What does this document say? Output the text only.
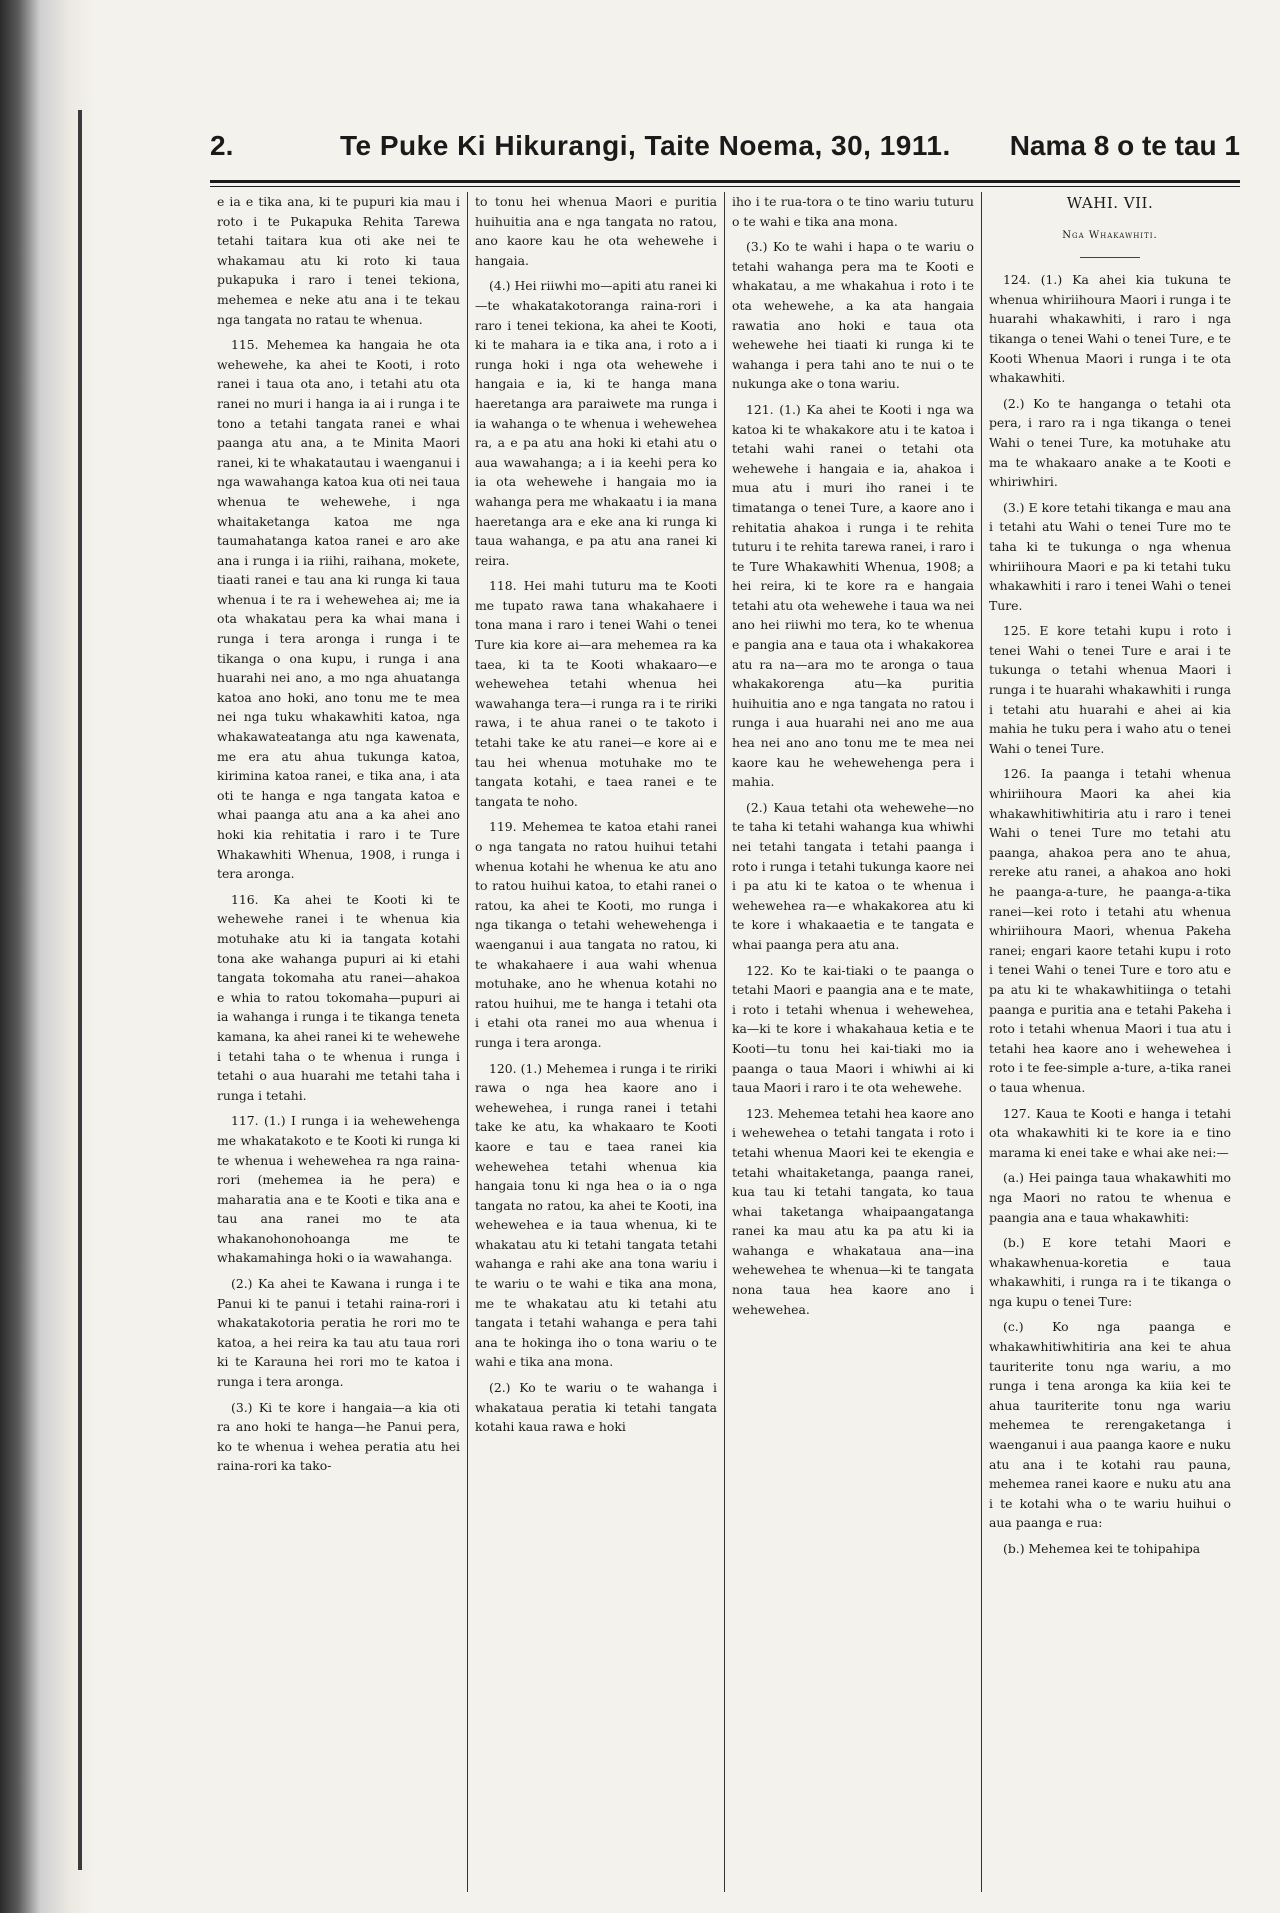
2.	Te Puke Ki Hikurangi, Taite Noema, 30, 1911. Nama 8 o te tau 1

e ia e tika ana, ki te pupuri kia mau i roto i te Pukapuka Rehita Tarewa tetahi taitara kua oti ake nei te whakamau atu ki roto ki taua pukapuka i raro i tenei tekiona, mehemea e neke atu ana i te tekau nga tangata no ratau te whenua.

115. Mehemea ka hangaia he ota wehewehe, ka ahei te Kooti, i roto ranei i taua ota ano, i tetahi atu ota ranei no muri i hanga ia ai i runga i te tono a tetahi tangata ranei e whai paanga atu ana, a te Minita Maori ranei, ki te whakatautau i waenganui i nga wawahanga katoa kua oti nei taua whenua te wehewehe, i nga whaitaketanga katoa me nga taumahatanga katoa ranei e aro ake ana i runga i ia riihi, raihana, mokete, tiaati ranei e tau ana ki runga ki taua whenua i te ra i wehewehea ai; me ia ota whakatau pera ka whai mana i runga i tera aronga i runga i te tikanga o ona kupu, i runga i ana huarahi nei ano, a mo nga ahuatanga katoa ano hoki, ano tonu me te mea nei nga tuku whakawhiti katoa, nga whakawateatanga atu nga kawenata, me era atu ahua tukunga katoa, kirimina katoa ranei, e tika ana, i ata oti te hanga e nga tangata katoa e whai paanga atu ana a ka ahei ano hoki kia rehitatia i raro i te Ture Whakawhiti Whenua, 1908, i runga i tera aronga.

116. Ka ahei te Kooti ki te wehewehe ranei i te whenua kia motuhake atu ki ia tangata kotahi tona ake wahanga pupuri ai ki etahi tangata tokomaha atu ranei—ahakoa e whia to ratou tokomaha—pupuri ai ia wahanga i runga i te tikanga teneta kamana, ka ahei ranei ki te wehewehe i tetahi taha o te whenua i runga i tetahi o aua huarahi me tetahi taha i runga i tetahi.

117. (1.) I runga i ia wehewehenga me whakatakoto e te Kooti ki runga ki te whenua i wehewehea ra nga raina-rori (mehemea ia he pera) e maharatia ana e te Kooti e tika ana e tau ana ranei mo te ata whakanohonohoanga me te whakamahinga hoki o ia wawahanga.

(2.) Ka ahei te Kawana i runga i te Panui ki te panui i tetahi raina-rori i whakatakotoria peratia he rori mo te katoa, a hei reira ka tau atu taua rori ki te Karauna hei rori mo te katoa i runga i tera aronga.

(3.) Ki te kore i hangaia—a kia oti ra ano hoki te hanga—he Panui pera, ko te whenua i wehea peratia atu hei raina-rori ka tako-

to tonu hei whenua Maori e puritia huihuitia ana e nga tangata no ratou, ano kaore kau he ota wehewehe i hangaia.

(4.) Hei riiwhi mo—apiti atu ranei ki—te whakatakotoranga raina-rori i raro i tenei tekiona, ka ahei te Kooti, ki te mahara ia e tika ana, i roto a i runga hoki i nga ota wehewehe i hangaia e ia, ki te hanga mana haeretanga ara paraiwete ma runga i ia wahanga o te whenua i wehewehea ra, a e pa atu ana hoki ki etahi atu o aua wawahanga; a i ia keehi pera ko ia ota wehewehe i hangaia mo ia wahanga pera me whakaatu i ia mana haeretanga ara e eke ana ki runga ki taua wahanga, e pa atu ana ranei ki reira.

118. Hei mahi tuturu ma te Kooti me tupato rawa tana whakahaere i tona mana i raro i tenei Wahi o tenei Ture kia kore ai—ara mehemea ra ka taea, ki ta te Kooti whakaaro—e wehewehea tetahi whenua hei wawahanga tera—i runga ra i te ririki rawa, i te ahua ranei o te takoto i tetahi take ke atu ranei—e kore ai e tau hei whenua motuhake mo te tangata kotahi, e taea ranei e te tangata te noho.

119. Mehemea te katoa etahi ranei o nga tangata no ratou huihui tetahi whenua kotahi he whenua ke atu ano to ratou huihui katoa, to etahi ranei o ratou, ka ahei te Kooti, mo runga i nga tikanga o tetahi wehewehenga i waenganui i aua tangata no ratou, ki te whakahaere i aua wahi whenua motuhake, ano he whenua kotahi no ratou huihui, me te hanga i tetahi ota i etahi ota ranei mo aua whenua i runga i tera aronga.

120. (1.) Mehemea i runga i te ririki rawa o nga hea kaore ano i wehewehea, i runga ranei i tetahi take ke atu, ka whakaaro te Kooti kaore e tau e taea ranei kia wehewehea tetahi whenua kia hangaia tonu ki nga hea o ia o nga tangata no ratou, ka ahei te Kooti, ina wehewehea e ia taua whenua, ki te whakatau atu ki tetahi tangata tetahi wahanga e rahi ake ana tona wariu i te wariu o te wahi e tika ana mona, me te whakatau atu ki tetahi atu tangata i tetahi wahanga e pera tahi ana te hokinga iho o tona wariu o te wahi e tika ana mona.

(2.) Ko te wariu o te wahanga i whakataua peratia ki tetahi tangata kotahi kaua rawa e hoki

iho i te rua-tora o te tino wariu tuturu o te wahi e tika ana mona.

(3.) Ko te wahi i hapa o te wariu o tetahi wahanga pera ma te Kooti e whakatau, a me whakahua i roto i te ota wehewehe, a ka ata hangaia rawatia ano hoki e taua ota wehewehe hei tiaati ki runga ki te wahanga i pera tahi ano te nui o te nukunga ake o tona wariu.

121. (1.) Ka ahei te Kooti i nga wa katoa ki te whakakore atu i te katoa i tetahi wahi ranei o tetahi ota wehewehe i hangaia e ia, ahakoa i mua atu i muri iho ranei i te timatanga o tenei Ture, a kaore ano i rehitatia ahakoa i runga i te rehita tuturu i te rehita tarewa ranei, i raro i te Ture Whakawhiti Whenua, 1908; a hei reira, ki te kore ra e hangaia tetahi atu ota wehewehe i taua wa nei ano hei riiwhi mo tera, ko te whenua e pangia ana e taua ota i whakakorea atu ra na—ara mo te aronga o taua whakakorenga atu—ka puritia huihuitia ano e nga tangata no ratou i runga i aua huarahi nei ano me aua hea nei ano ano tonu me te mea nei kaore kau he wehewehenga pera i mahia.

(2.) Kaua tetahi ota wehewehe—no te taha ki tetahi wahanga kua whiwhi nei tetahi tangata i tetahi paanga i roto i runga i tetahi tukunga kaore nei i pa atu ki te katoa o te whenua i wehewehea ra—e whakakorea atu ki te kore i whakaaetia e te tangata e whai paanga pera atu ana.

122. Ko te kai-tiaki o te paanga o tetahi Maori e paangia ana e te mate, i roto i tetahi whenua i wehewehea, ka—ki te kore i whakahaua ketia e te Kooti—tu tonu hei kai-tiaki mo ia paanga o taua Maori i whiwhi ai ki taua Maori i raro i te ota wehewehe.

123. Mehemea tetahi hea kaore ano i wehewehea o tetahi tangata i roto i tetahi whenua Maori kei te ekengia e tetahi whaitaketanga, paanga ranei, kua tau ki tetahi tangata, ko taua whai taketanga whaipaangatanga ranei ka mau atu ka pa atu ki ia wahanga e whakataua ana—ina wehewehea te whenua—ki te tangata nona taua hea kaore ano i wehewehea.

WAHI. VII.
Nga Whakawhiti.

124. (1.) Ka ahei kia tukuna te whenua whiriihoura Maori i runga i te huarahi whakawhiti, i raro i nga tikanga o tenei Wahi o tenei Ture, e te Kooti Whenua Maori i runga i te ota whakawhiti.

(2.) Ko te hanganga o tetahi ota pera, i raro ra i nga tikanga o tenei Wahi o tenei Ture, ka motuhake atu ma te whakaaro anake a te Kooti e whiriwhiri.

(3.) E kore tetahi tikanga e mau ana i tetahi atu Wahi o tenei Ture mo te taha ki te tukunga o nga whenua whiriihoura Maori e pa ki tetahi tuku whakawhiti i raro i tenei Wahi o tenei Ture.

125. E kore tetahi kupu i roto i tenei Wahi o tenei Ture e arai i te tukunga o tetahi whenua Maori i runga i te huarahi whakawhiti i runga i tetahi atu huarahi e ahei ai kia mahia he tuku pera i waho atu o tenei Wahi o tenei Ture.

126. Ia paanga i tetahi whenua whiriihoura Maori ka ahei kia whakawhitiwhitiria atu i raro i tenei Wahi o tenei Ture mo tetahi atu paanga, ahakoa pera ano te ahua, rereke atu ranei, a ahakoa ano hoki he paanga-a-ture, he paanga-a-tika ranei—kei roto i tetahi atu whenua whiriihoura Maori, whenua Pakeha ranei; engari kaore tetahi kupu i roto i tenei Wahi o tenei Ture e toro atu e pa atu ki te whakawhitiinga o tetahi paanga e puritia ana e tetahi Pakeha i roto i tetahi whenua Maori i tua atu i tetahi hea kaore ano i wehewehea i roto i te fee-simple a-ture, a-tika ranei o taua whenua.

127. Kaua te Kooti e hanga i tetahi ota whakawhiti ki te kore ia e tino marama ki enei take e whai ake nei:—

(a.) Hei painga taua whakawhiti mo nga Maori no ratou te whenua e paangia ana e taua whakawhiti:

(b.) E kore tetahi Maori e whakawhenua-koretia e taua whakawhiti, i runga ra i te tikanga o nga kupu o tenei Ture:

(c.) Ko nga paanga e whakawhitiwhitiria ana kei te ahua tauriterite tonu nga wariu, a mo runga i tena aronga ka kiia kei te ahua tauriterite tonu nga wariu mehemea te rerengaketanga i waenganui i aua paanga kaore e nuku atu ana i te kotahi rau pauna, mehemea ranei kaore e nuku atu ana i te kotahi wha o te wariu huihui o aua paanga e rua:

(b.) Mehemea kei te tohipahipa
